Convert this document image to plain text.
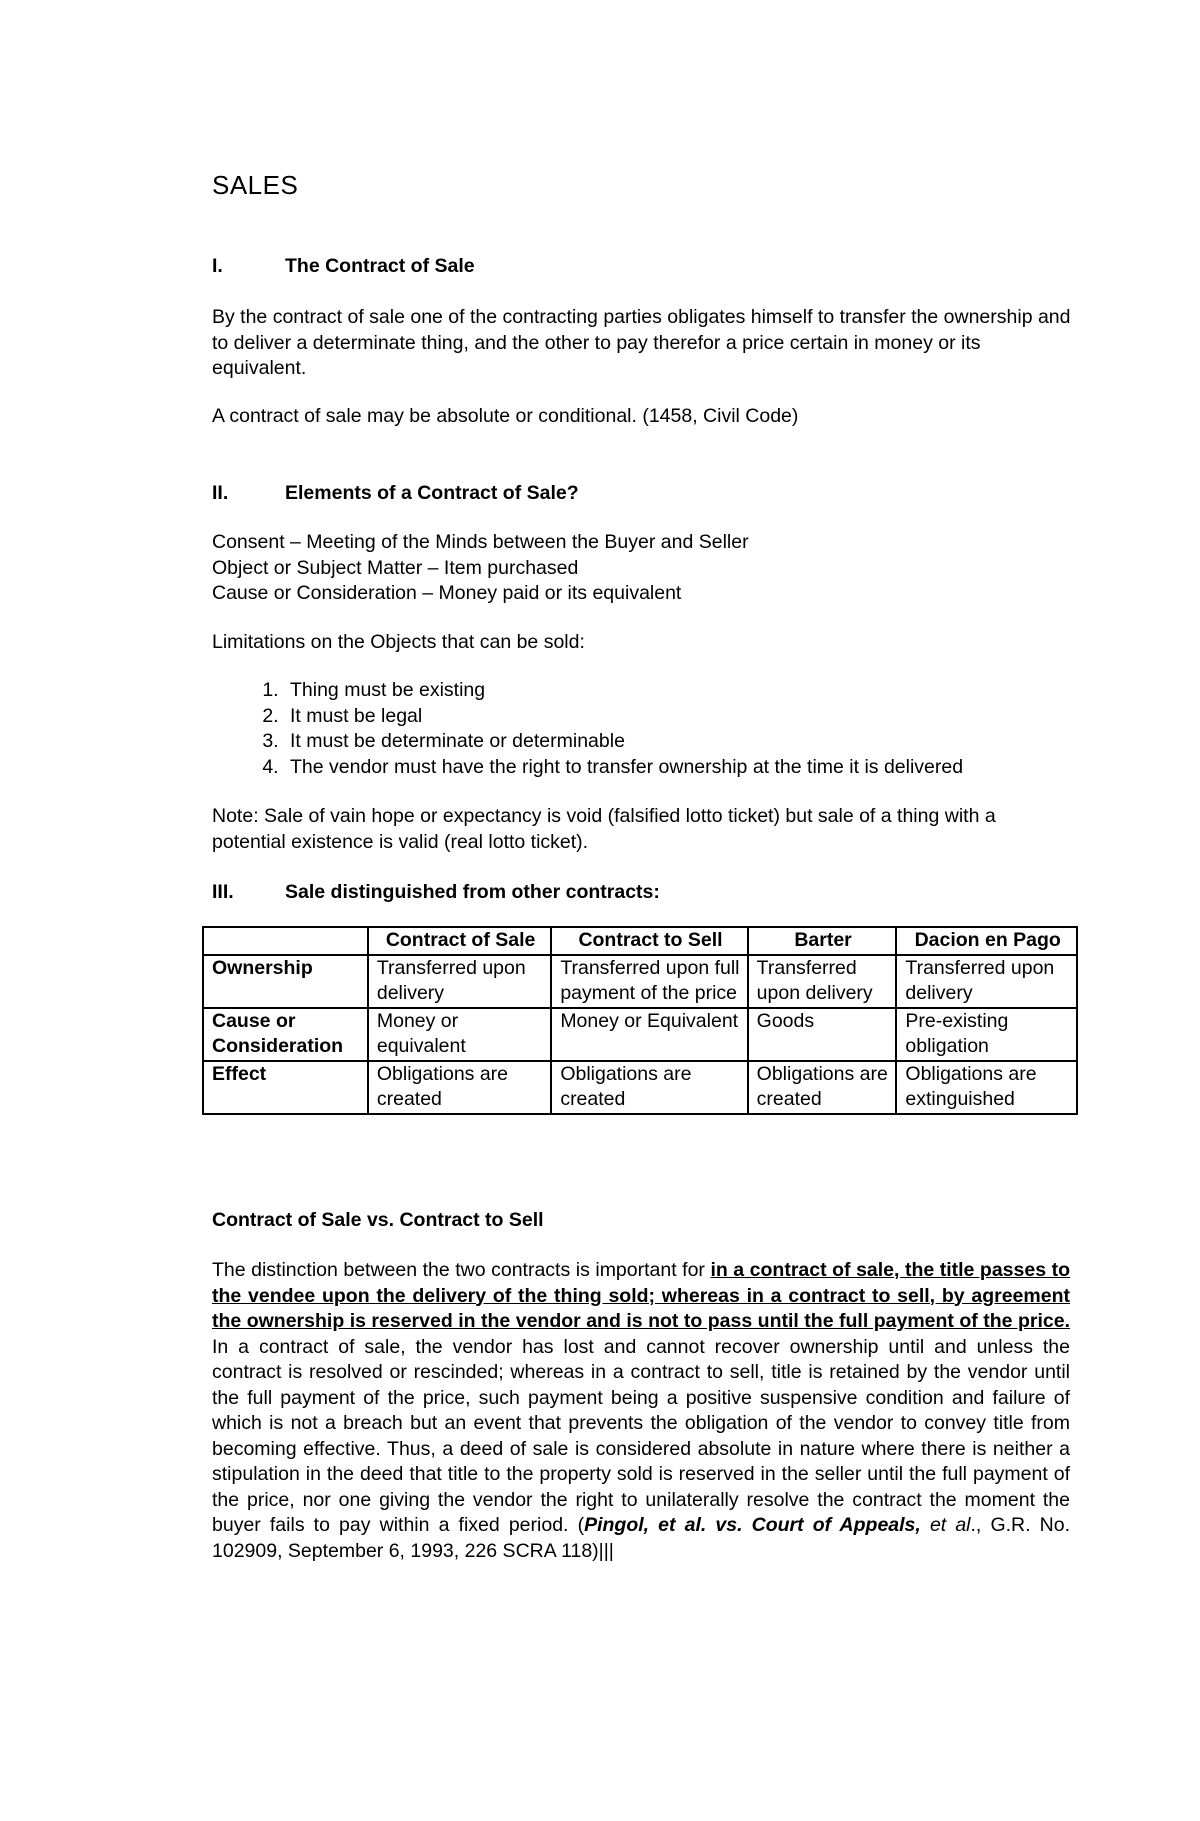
SALES
I.	The Contract of Sale

By the contract of sale one of the contracting parties obligates himself to transfer the ownership and to deliver a determinate thing, and the other to pay therefor a price certain in money or its equivalent.

A contract of sale may be absolute or conditional. (1458, Civil Code)

II.	Elements of a Contract of Sale?

Consent – Meeting of the Minds between the Buyer and Seller

Object or Subject Matter – Item purchased

Cause or Consideration – Money paid or its equivalent

Limitations on the Objects that can be sold:

1. Thing must be existing
2. It must be legal
3. It must be determinate or determinable
4. The vendor must have the right to transfer ownership at the time it is delivered

Note: Sale of vain hope or expectancy is void (falsified lotto ticket) but sale of a thing with a potential existence is valid (real lotto ticket).

III.	Sale distinguished from other contracts:
	Contract of Sale	Contract to Sell	Barter	Dacion en Pago
Ownership	Transferred upon delivery	Transferred upon full payment of the price	Transferred upon delivery	Transferred upon delivery
Cause or Consideration	Money or equivalent	Money or Equivalent	Goods	Pre-existing obligation
Effect	Obligations are created	Obligations are created	Obligations are created	Obligations are extinguished
Contract of Sale vs. Contract to Sell

The distinction between the two contracts is important for in a contract of sale, the title passes to the vendee upon the delivery of the thing sold; whereas in a contract to sell, by agreement the ownership is reserved in the vendor and is not to pass until the full payment of the price. In a contract of sale, the vendor has lost and cannot recover ownership until and unless the contract is resolved or rescinded; whereas in a contract to sell, title is retained by the vendor until the full payment of the price, such payment being a positive suspensive condition and failure of which is not a breach but an event that prevents the obligation of the vendor to convey title from becoming effective. Thus, a deed of sale is considered absolute in nature where there is neither a stipulation in the deed that title to the property sold is reserved in the seller until the full payment of the price, nor one giving the vendor the right to unilaterally resolve the contract the moment the buyer fails to pay within a fixed period. (Pingol, et al. vs. Court of Appeals, et al., G.R. No. 102909, September 6, 1993, 226 SCRA 118)|||
